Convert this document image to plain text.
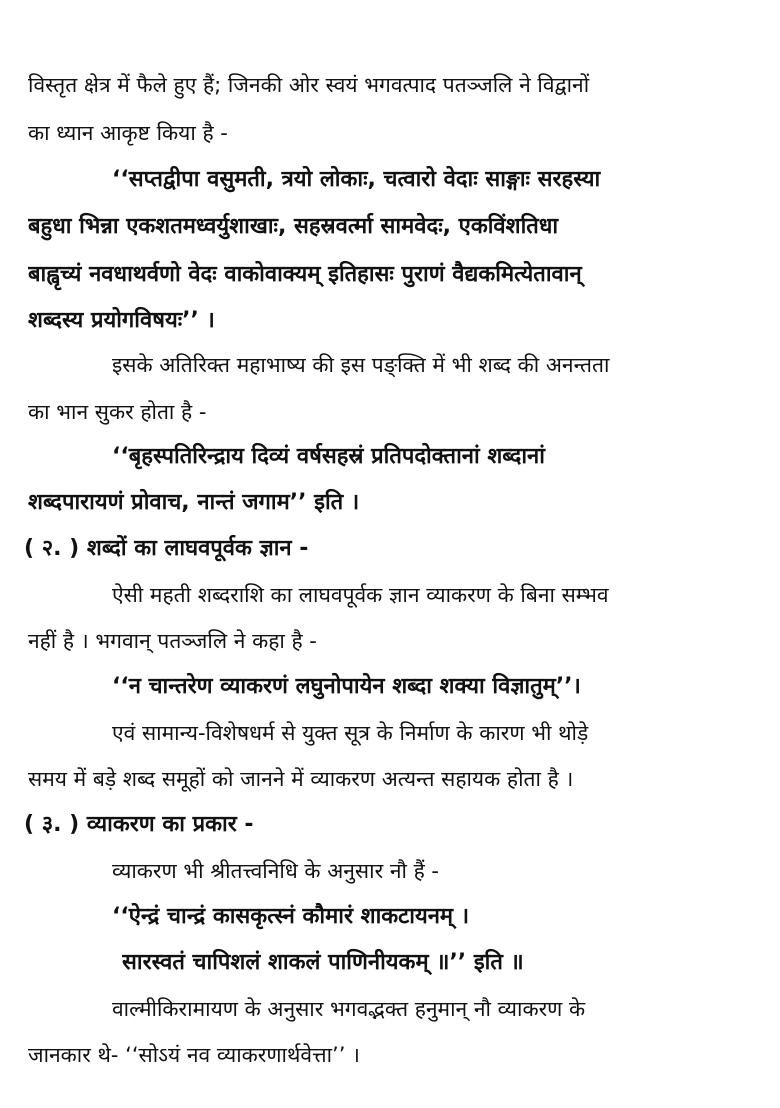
विस्तृत क्षेत्र में फैले हुए हैं; जिनकी ओर स्वयं भगवत्पाद पतञ्जलि ने विद्वानों
का ध्यान आकृष्ट किया है -
‘‘सप्तद्वीपा वसुमती, त्रयो लोकाः, चत्वारो वेदाः साङ्गाः सरहस्या
बहुधा भिन्ना एकशतमध्वर्युशाखाः, सहस्रवर्त्मा सामवेदः, एकविंशतिधा
बाह्वृच्यं नवधाथर्वणो वेदः वाकोवाक्यम् इतिहासः पुराणं वैद्यकमित्येतावान्
शब्दस्य प्रयोगविषयः’’ ।
इसके अतिरिक्त महाभाष्य की इस पङ्क्ति में भी शब्द की अनन्तता
का भान सुकर होता है -
‘‘बृहस्पतिरिन्द्राय दिव्यं वर्षसहस्रं प्रतिपदोक्तानां शब्दानां
शब्दपारायणं प्रोवाच, नान्तं जगाम’’ इति ।
( २. ) शब्दों का लाघवपूर्वक ज्ञान -
ऐसी महती शब्दराशि का लाघवपूर्वक ज्ञान व्याकरण के बिना सम्भव
नहीं है । भगवान् पतञ्जलि ने कहा है -
‘‘न चान्तरेण व्याकरणं लघुनोपायेन शब्दा शक्या विज्ञातुम्’’।
एवं सामान्य-विशेषधर्म से युक्त सूत्र के निर्माण के कारण भी थोड़े
समय में बड़े शब्द समूहों को जानने में व्याकरण अत्यन्त सहायक होता है ।
( ३. ) व्याकरण का प्रकार -
व्याकरण भी श्रीतत्त्वनिधि के अनुसार नौ हैं -
‘‘ऐन्द्रं चान्द्रं कासकृत्स्नं कौमारं शाकटायनम् ।
सारस्वतं चापिशलं शाकलं पाणिनीयकम् ॥’’ इति ॥
वाल्मीकिरामायण के अनुसार भगवद्भक्त हनुमान् नौ व्याकरण के
जानकार थे- ‘‘सोऽयं नव व्याकरणार्थवेत्ता’’ ।
